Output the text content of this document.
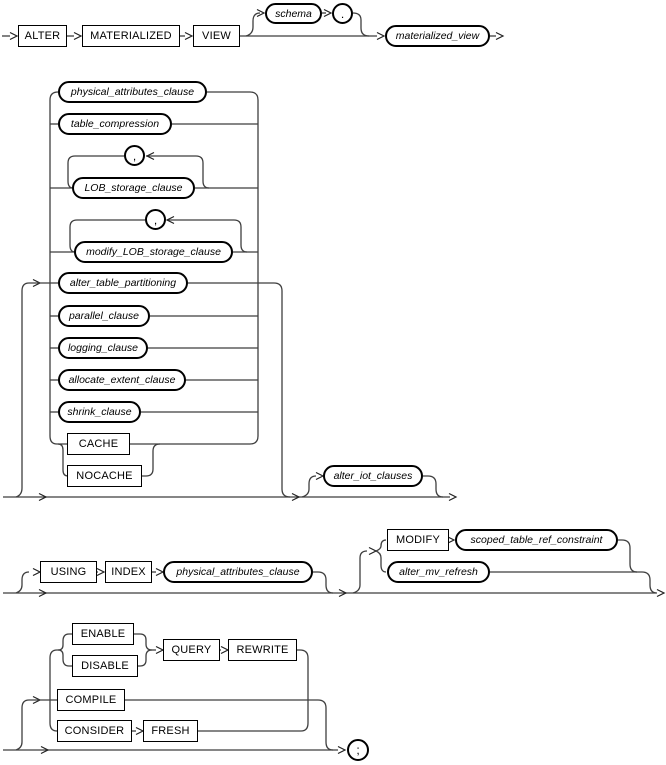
ALTER	MATERIALIZED	VIEW
schema	.
materialized_view
physical_attributes_clause
table_compression
,
LOB_storage_clause
,
modify_LOB_storage_clause
alter_table_partitioning
parallel_clause
logging_clause
allocate_extent_clause
shrink_clause
CACHE
NOCACHE	alter_iot_clauses
USING	INDEX	physical_attributes_clause
MODIFY	scoped_table_ref_constraint
alter_mv_refresh
ENABLE
DISABLE
QUERY	REWRITE
COMPILE
CONSIDER	FRESH
;
